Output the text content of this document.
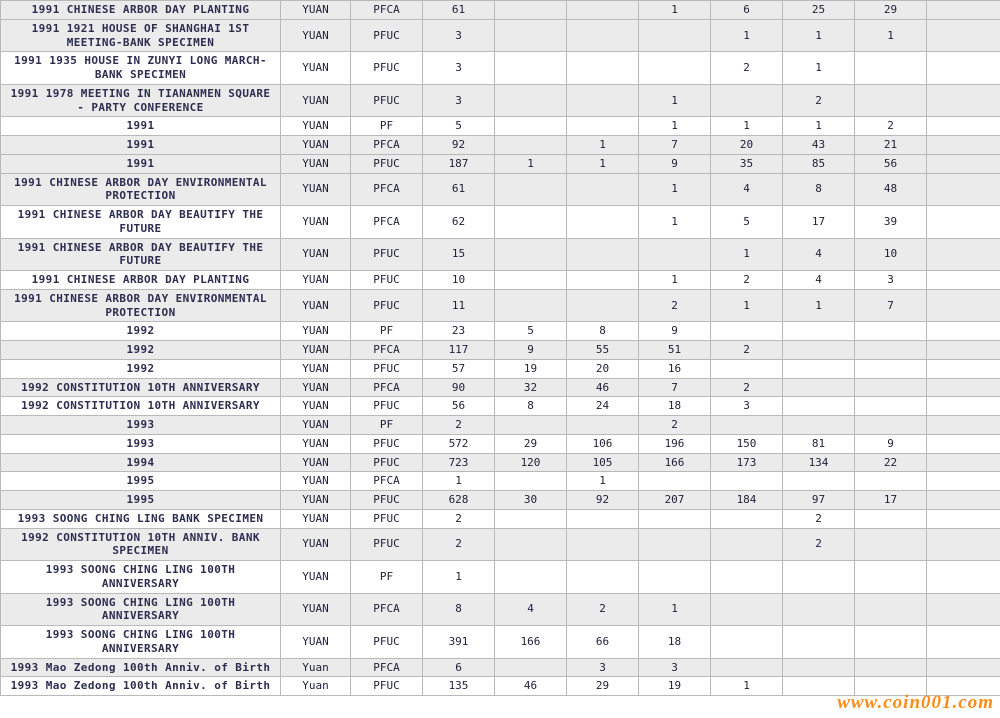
1991 CHINESE ARBOR DAY PLANTING	YUAN	PFCA	61			1	6	25	29	
1991 1921 HOUSE OF SHANGHAI 1ST MEETING-BANK SPECIMEN	YUAN	PFUC	3				1	1	1	
1991 1935 HOUSE IN ZUNYI LONG MARCH-BANK SPECIMEN	YUAN	PFUC	3				2	1		
1991 1978 MEETING IN TIANANMEN SQUARE - PARTY CONFERENCE	YUAN	PFUC	3			1		2		
1991	YUAN	PF	5			1	1	1	2	
1991	YUAN	PFCA	92		1	7	20	43	21	
1991	YUAN	PFUC	187	1	1	9	35	85	56	
1991 CHINESE ARBOR DAY ENVIRONMENTAL PROTECTION	YUAN	PFCA	61			1	4	8	48	
1991 CHINESE ARBOR DAY BEAUTIFY THE FUTURE	YUAN	PFCA	62			1	5	17	39	
1991 CHINESE ARBOR DAY BEAUTIFY THE FUTURE	YUAN	PFUC	15				1	4	10	
1991 CHINESE ARBOR DAY PLANTING	YUAN	PFUC	10			1	2	4	3	
1991 CHINESE ARBOR DAY ENVIRONMENTAL PROTECTION	YUAN	PFUC	11			2	1	1	7	
1992	YUAN	PF	23	5	8	9				
1992	YUAN	PFCA	117	9	55	51	2			
1992	YUAN	PFUC	57	19	20	16				
1992 CONSTITUTION 10TH ANNIVERSARY	YUAN	PFCA	90	32	46	7	2			
1992 CONSTITUTION 10TH ANNIVERSARY	YUAN	PFUC	56	8	24	18	3			
1993	YUAN	PF	2			2				
1993	YUAN	PFUC	572	29	106	196	150	81	9	
1994	YUAN	PFUC	723	120	105	166	173	134	22	
1995	YUAN	PFCA	1		1					
1995	YUAN	PFUC	628	30	92	207	184	97	17	
1993 SOONG CHING LING BANK SPECIMEN	YUAN	PFUC	2					2		
1992 CONSTITUTION 10TH ANNIV. BANK SPECIMEN	YUAN	PFUC	2					2		
1993 SOONG CHING LING 100TH ANNIVERSARY	YUAN	PF	1							
1993 SOONG CHING LING 100TH ANNIVERSARY	YUAN	PFCA	8	4	2	1				
1993 SOONG CHING LING 100TH ANNIVERSARY	YUAN	PFUC	391	166	66	18				
1993 Mao Zedong 100th Anniv. of Birth	Yuan	PFCA	6		3	3				
1993 Mao Zedong 100th Anniv. of Birth	Yuan	PFUC	135	46	29	19	1			
www.coin001.com
